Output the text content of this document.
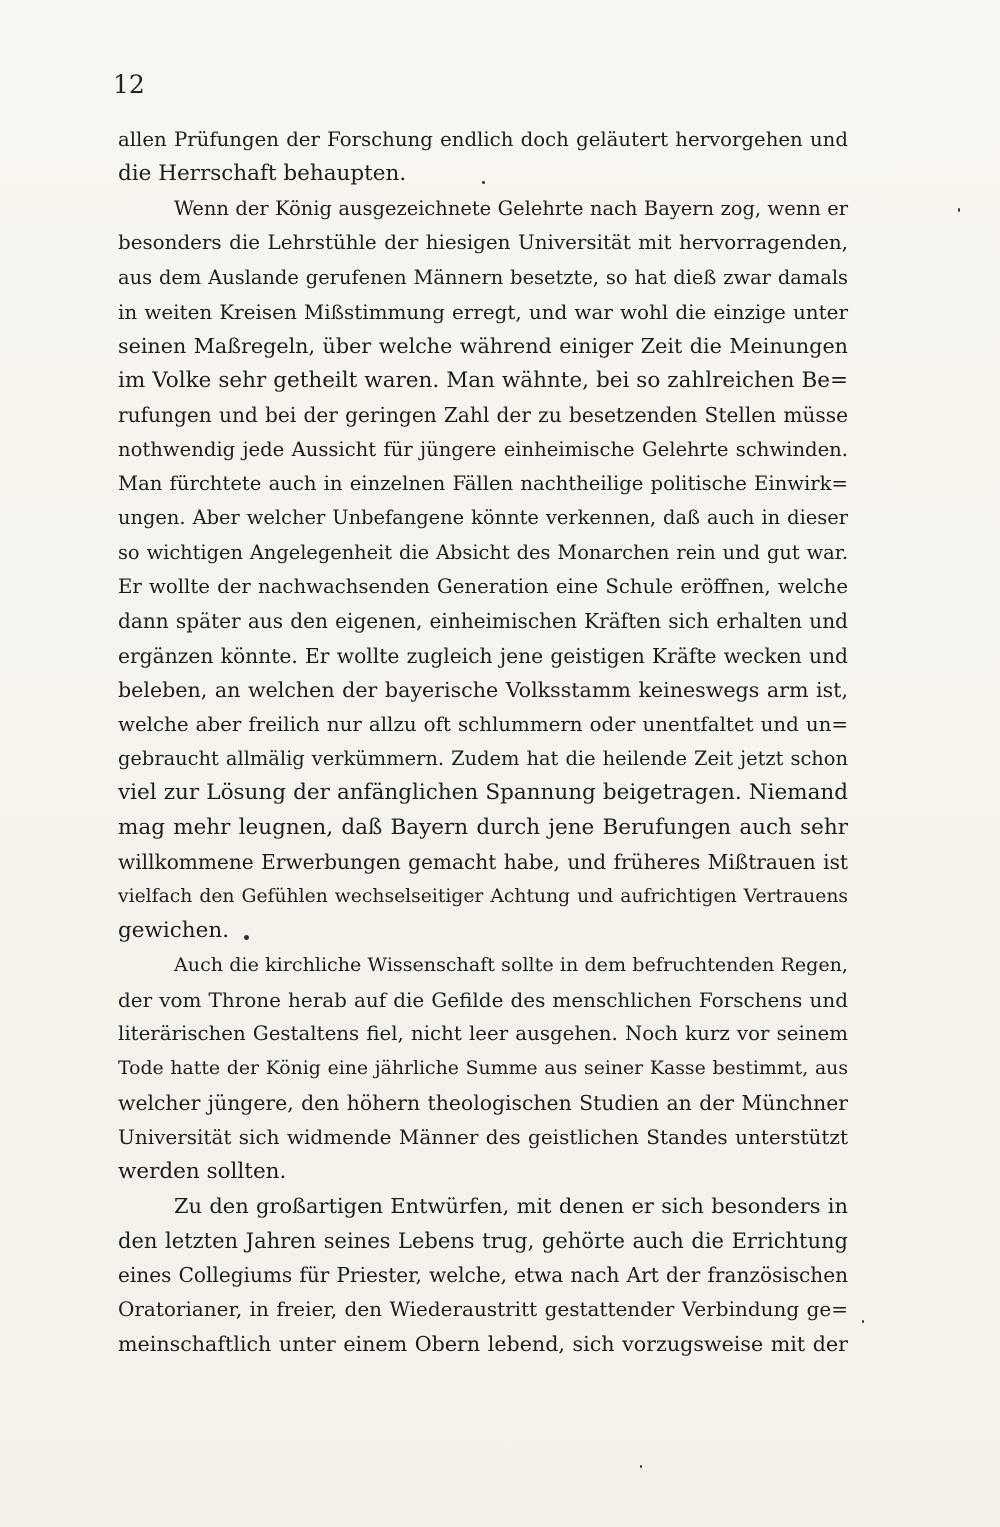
12
allen Prüfungen der Forschung endlich doch geläutert hervorgehen und
die Herrschaft behaupten.
Wenn der König ausgezeichnete Gelehrte nach Bayern zog, wenn er
besonders die Lehrstühle der hiesigen Universität mit hervorragenden,
aus dem Auslande gerufenen Männern besetzte, so hat dieß zwar damals
in weiten Kreisen Mißstimmung erregt, und war wohl die einzige unter
seinen Maßregeln, über welche während einiger Zeit die Meinungen
im Volke sehr getheilt waren. Man wähnte, bei so zahlreichen Be=
rufungen und bei der geringen Zahl der zu besetzenden Stellen müsse
nothwendig jede Aussicht für jüngere einheimische Gelehrte schwinden.
Man fürchtete auch in einzelnen Fällen nachtheilige politische Einwirk=
ungen. Aber welcher Unbefangene könnte verkennen, daß auch in dieser
so wichtigen Angelegenheit die Absicht des Monarchen rein und gut war.
Er wollte der nachwachsenden Generation eine Schule eröffnen, welche
dann später aus den eigenen, einheimischen Kräften sich erhalten und
ergänzen könnte. Er wollte zugleich jene geistigen Kräfte wecken und
beleben, an welchen der bayerische Volksstamm keineswegs arm ist,
welche aber freilich nur allzu oft schlummern oder unentfaltet und un=
gebraucht allmälig verkümmern. Zudem hat die heilende Zeit jetzt schon
viel zur Lösung der anfänglichen Spannung beigetragen. Niemand
mag mehr leugnen, daß Bayern durch jene Berufungen auch sehr
willkommene Erwerbungen gemacht habe, und früheres Mißtrauen ist
vielfach den Gefühlen wechselseitiger Achtung und aufrichtigen Vertrauens
gewichen.
Auch die kirchliche Wissenschaft sollte in dem befruchtenden Regen,
der vom Throne herab auf die Gefilde des menschlichen Forschens und
literärischen Gestaltens fiel, nicht leer ausgehen. Noch kurz vor seinem
Tode hatte der König eine jährliche Summe aus seiner Kasse bestimmt, aus
welcher jüngere, den höhern theologischen Studien an der Münchner
Universität sich widmende Männer des geistlichen Standes unterstützt
werden sollten.
Zu den großartigen Entwürfen, mit denen er sich besonders in
den letzten Jahren seines Lebens trug, gehörte auch die Errichtung
eines Collegiums für Priester, welche, etwa nach Art der französischen
Oratorianer, in freier, den Wiederaustritt gestattender Verbindung ge=
meinschaftlich unter einem Obern lebend, sich vorzugsweise mit der
